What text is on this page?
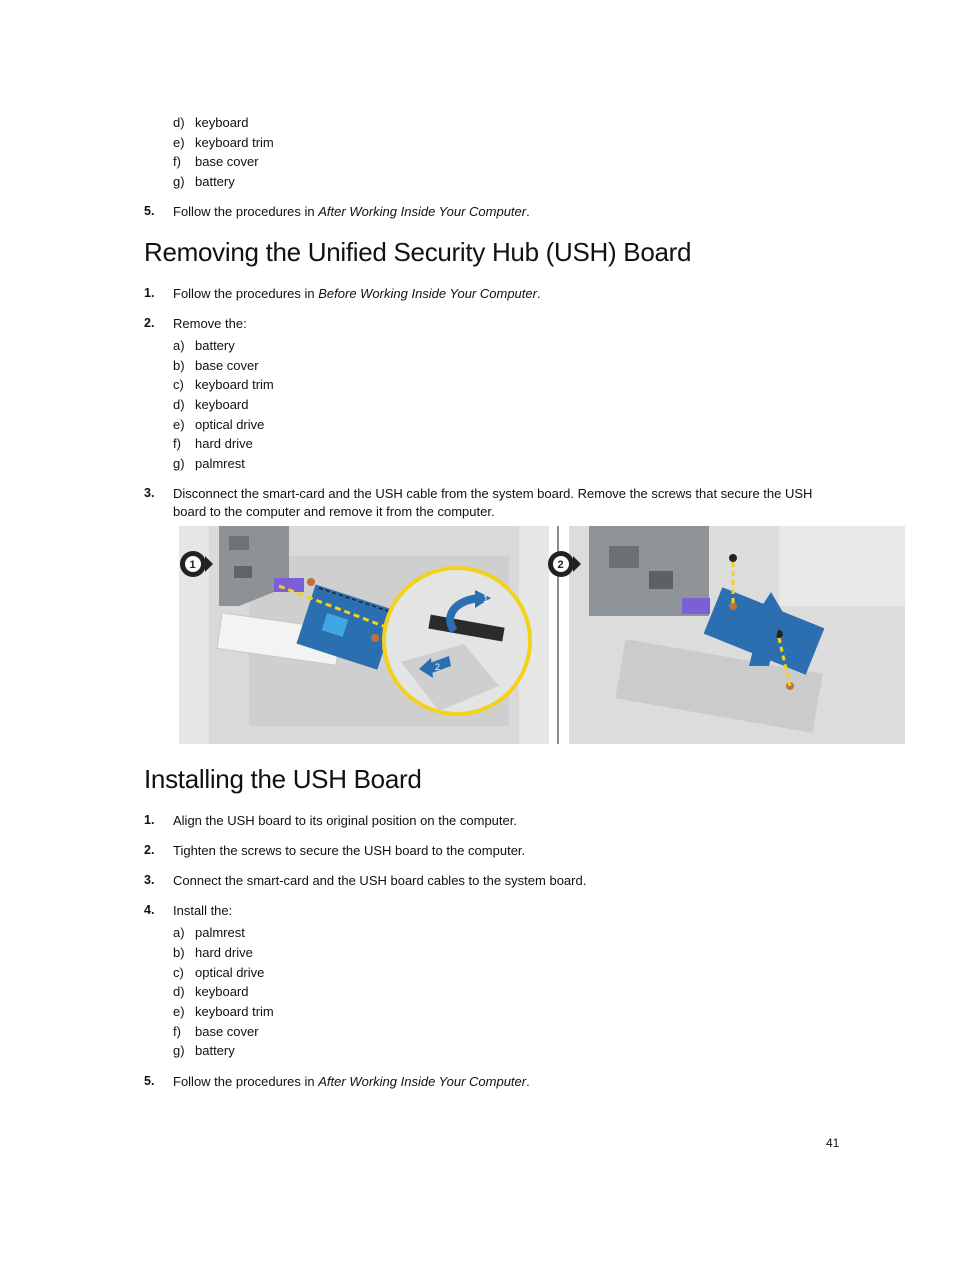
d) keyboard
e) keyboard trim
f) base cover
g) battery
5. Follow the procedures in After Working Inside Your Computer.
Removing the Unified Security Hub (USH) Board
1. Follow the procedures in Before Working Inside Your Computer.
2. Remove the:
a) battery
b) base cover
c) keyboard trim
d) keyboard
e) optical drive
f) hard drive
g) palmrest
3. Disconnect the smart-card and the USH cable from the system board. Remove the screws that secure the USH
board to the computer and remove it from the computer.
1
2
1	2
Installing the USH Board
1. Align the USH board to its original position on the computer.
2. Tighten the screws to secure the USH board to the computer.
3. Connect the smart-card and the USH board cables to the system board.
4. Install the:
a) palmrest
b) hard drive
c) optical drive
d) keyboard
e) keyboard trim
f) base cover
g) battery
5. Follow the procedures in After Working Inside Your Computer.
41
